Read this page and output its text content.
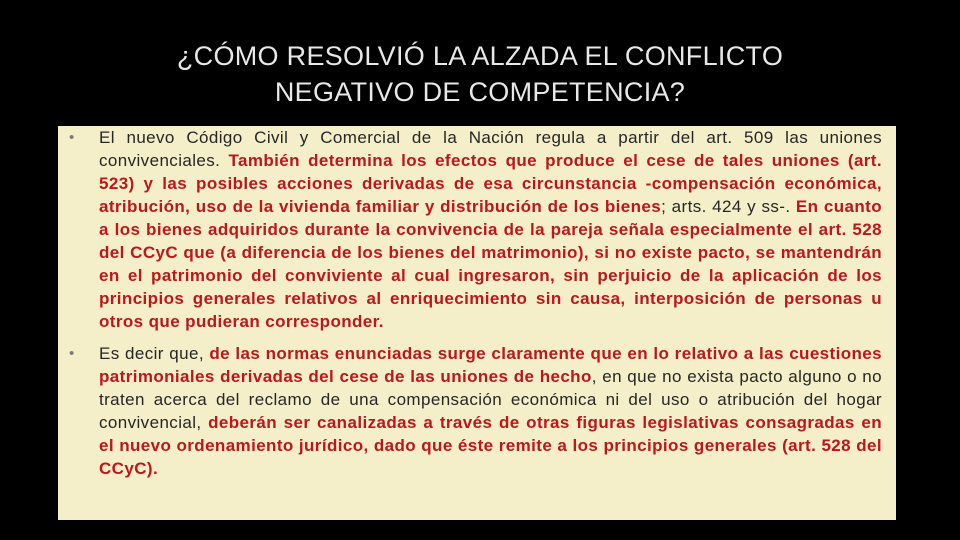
¿CÓMO RESOLVIÓ LA ALZADA EL CONFLICTO
NEGATIVO DE COMPETENCIA?
• El nuevo Código Civil y Comercial de la Nación regula a partir del art. 509 las uniones convivenciales. También determina los efectos que produce el cese de tales uniones (art. 523) y las posibles acciones derivadas de esa circunstancia -compensación económica, atribución, uso de la vivienda familiar y distribución de los bienes; arts. 424 y ss-. En cuanto a los bienes adquiridos durante la convivencia de la pareja señala especialmente el art. 528 del CCyC que (a diferencia de los bienes del matrimonio), si no existe pacto, se mantendrán en el patrimonio del conviviente al cual ingresaron, sin perjuicio de la aplicación de los principios generales relativos al enriquecimiento sin causa, interposición de personas u otros que pudieran corresponder.
• Es decir que, de las normas enunciadas surge claramente que en lo relativo a las cuestiones patrimoniales derivadas del cese de las uniones de hecho, en que no exista pacto alguno o no traten acerca del reclamo de una compensación económica ni del uso o atribución del hogar convivencial, deberán ser canalizadas a través de otras figuras legislativas consagradas en el nuevo ordenamiento jurídico, dado que éste remite a los principios generales (art. 528 del CCyC).
